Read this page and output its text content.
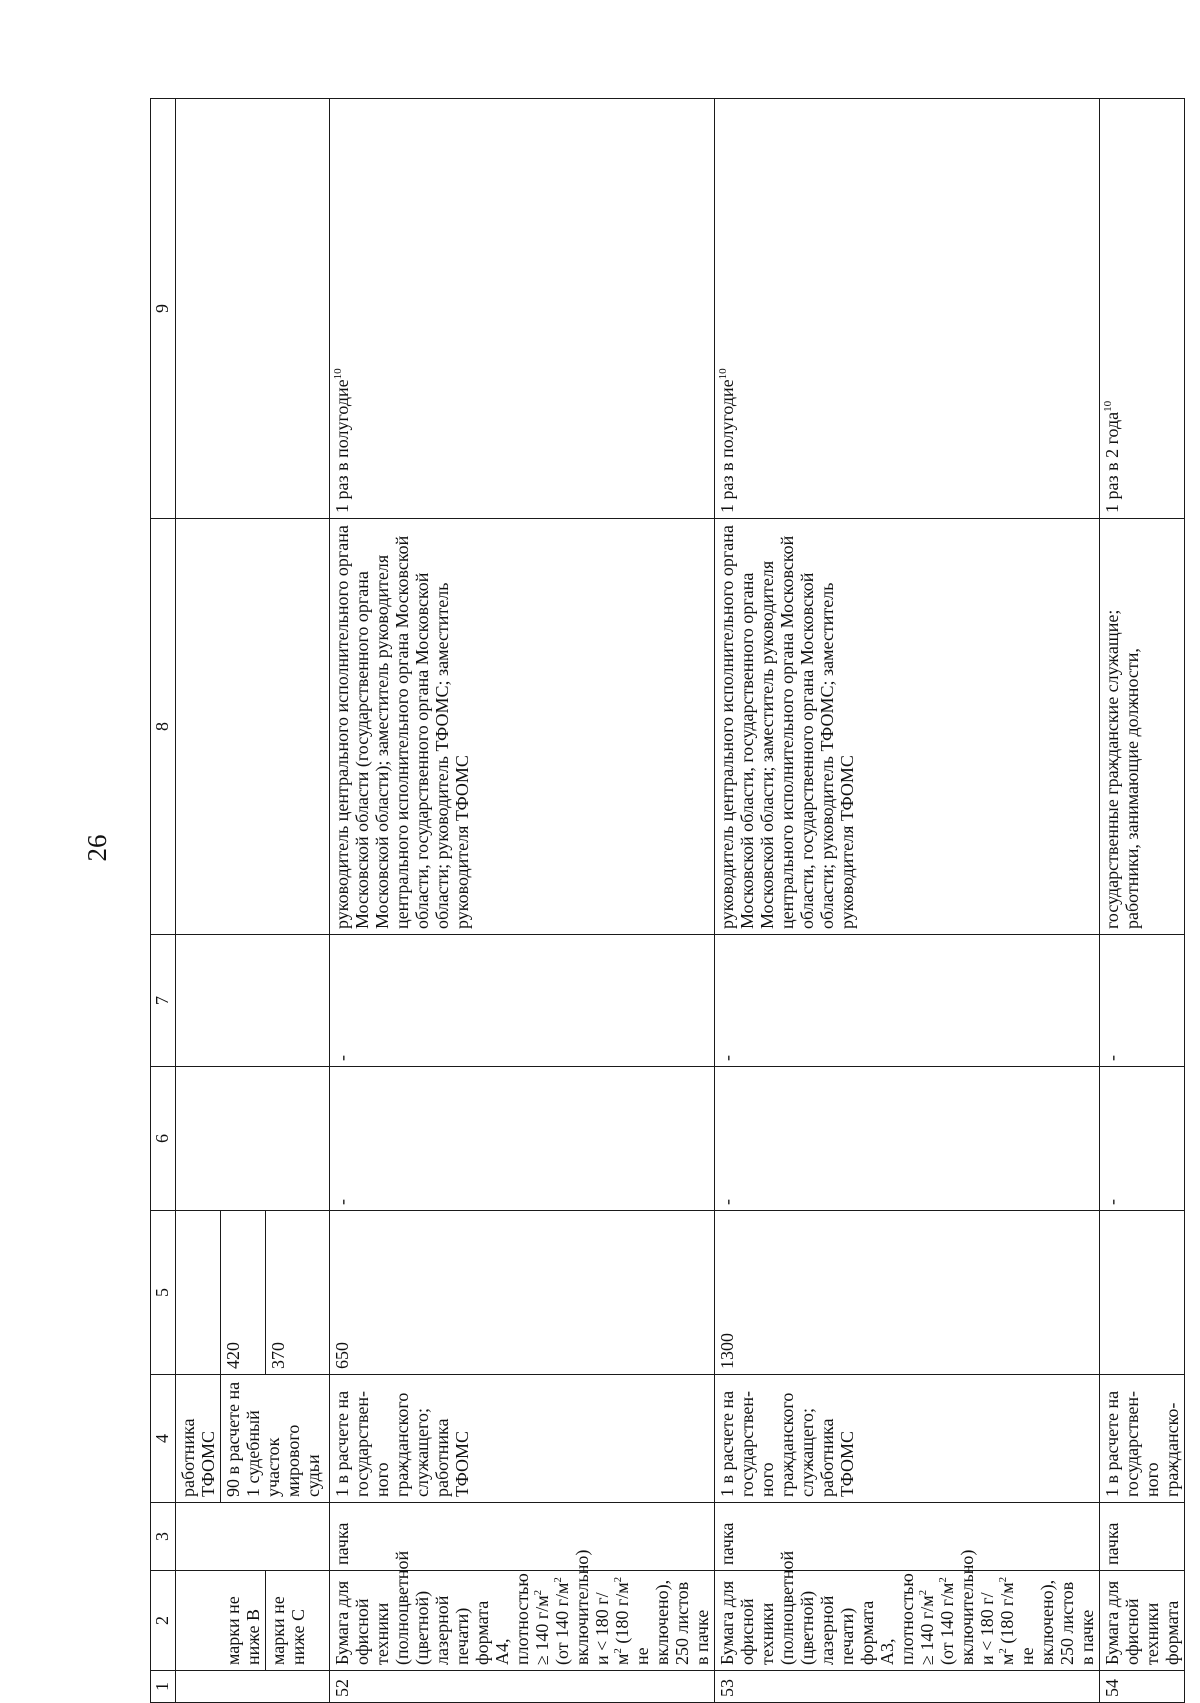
26
1	2	3	4	5	6	7	8	9
			работника ТФОМС					
	марки не ниже B		90 в расчете на 1 судебный участок мирового судьи	420				
	марки не ниже C			370				
52	Бумага для офисной техники (полноцветной (цветной) лазерной печати) формата А4, плотностью ≥ 140 $г/м^2$ (от 140 $г/м^2$ включительно) и < 180 $г/м^2$ (180 $г/м^2$ не включено), 250 листов в пачке	пачка	1 в расчете на государственного гражданского служащего; работника ТФОМС	650	-	-	руководитель центрального исполнительного органа Московской области (государственного органа Московской области); заместитель руководителя центрального исполнительного органа Московской области, государственного органа Московской области; руководитель ТФОМС; заместитель руководителя ТФОМС	1 раз в полугодие$^{10}$
53	Бумага для офисной техники (полноцветной (цветной) лазерной печати) формата А3, плотностью ≥ 140 $г/м^2$ (от 140 $г/м^2$ включительно) и < 180 $г/м^2$ (180 $г/м^2$ не включено), 250 листов в пачке	пачка	1 в расчете на государственного гражданского служащего; работника ТФОМС	1300	-	-	руководитель центрального исполнительного органа Московской области, государственного органа Московской области; заместитель руководителя центрального исполнительного органа Московской области, государственного органа Московской области; руководитель ТФОМС; заместитель руководителя ТФОМС	1 раз в полугодие$^{10}$
54	Бумага для офисной техники формата	пачка	1 в расчете на государственного гражданско-		-	-	государственные гражданские служащие; работники, занимающие должности,	1 раз в 2 года$^{10}$
